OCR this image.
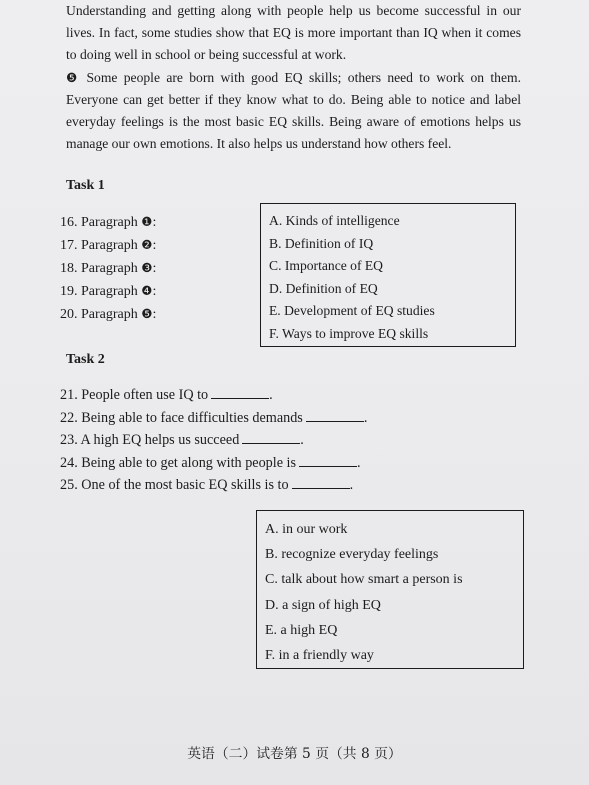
Understanding and getting along with people help us become successful in our lives. In fact, some studies show that EQ is more important than IQ when it comes to doing well in school or being successful at work.

❺ Some people are born with good EQ skills; others need to work on them. Everyone can get better if they know what to do. Being able to notice and label everyday feelings is the most basic EQ skills. Being aware of emotions helps us manage our own emotions. It also helps us understand how others feel.

Task 1
16. Paragraph ❶:
17. Paragraph ❷:
18. Paragraph ❸:
19. Paragraph ❹:
20. Paragraph ❺:
A. Kinds of intelligence
B. Definition of IQ
C. Importance of EQ
D. Definition of EQ
E. Development of EQ studies
F. Ways to improve EQ skills
Task 2
21. People often use IQ to	.
22. Being able to face difficulties demands	.
23. A high EQ helps us succeed	.
24. Being able to get along with people is	.
25. One of the most basic EQ skills is to	.
A. in our work
B. recognize everyday feelings
C. talk about how smart a person is
D. a sign of high EQ
E. a high EQ
F. in a friendly way
英语（二）试卷第 5 页（共 8 页）
